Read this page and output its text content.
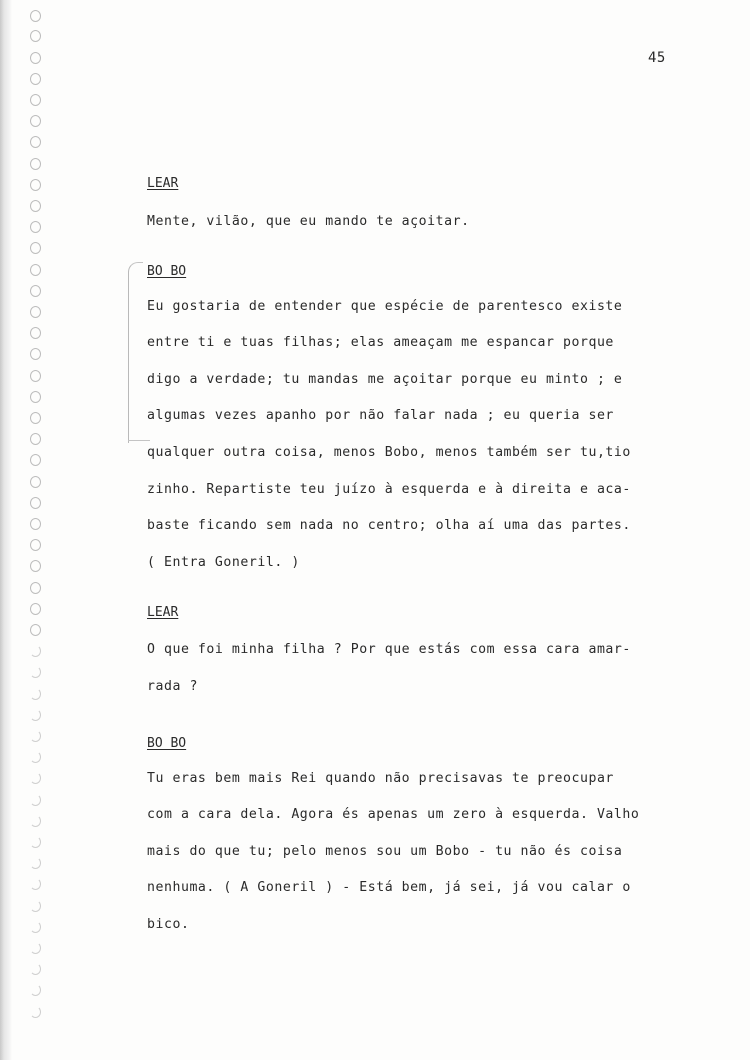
45
LEAR
Mente, vilão, que eu mando te açoitar.
BO BO
Eu gostaria de entender que espécie de parentesco existe
entre ti e tuas filhas; elas ameaçam me espancar porque
digo a verdade; tu mandas me açoitar porque eu minto ; e
algumas vezes apanho por não falar nada ; eu queria ser
qualquer outra coisa, menos Bobo, menos também ser tu,tio
zinho. Repartiste teu juízo à esquerda e à direita e aca-
baste ficando sem nada no centro; olha aí uma das partes.
( Entra Goneril. )
LEAR
O que foi minha filha ? Por que estás com essa cara amar-
rada ?
BO BO
Tu eras bem mais Rei quando não precisavas te preocupar
com a cara dela. Agora és apenas um zero à esquerda. Valho
mais do que tu; pelo menos sou um Bobo - tu não és coisa
nenhuma. ( A Goneril ) - Está bem, já sei, já vou calar o
bico.
